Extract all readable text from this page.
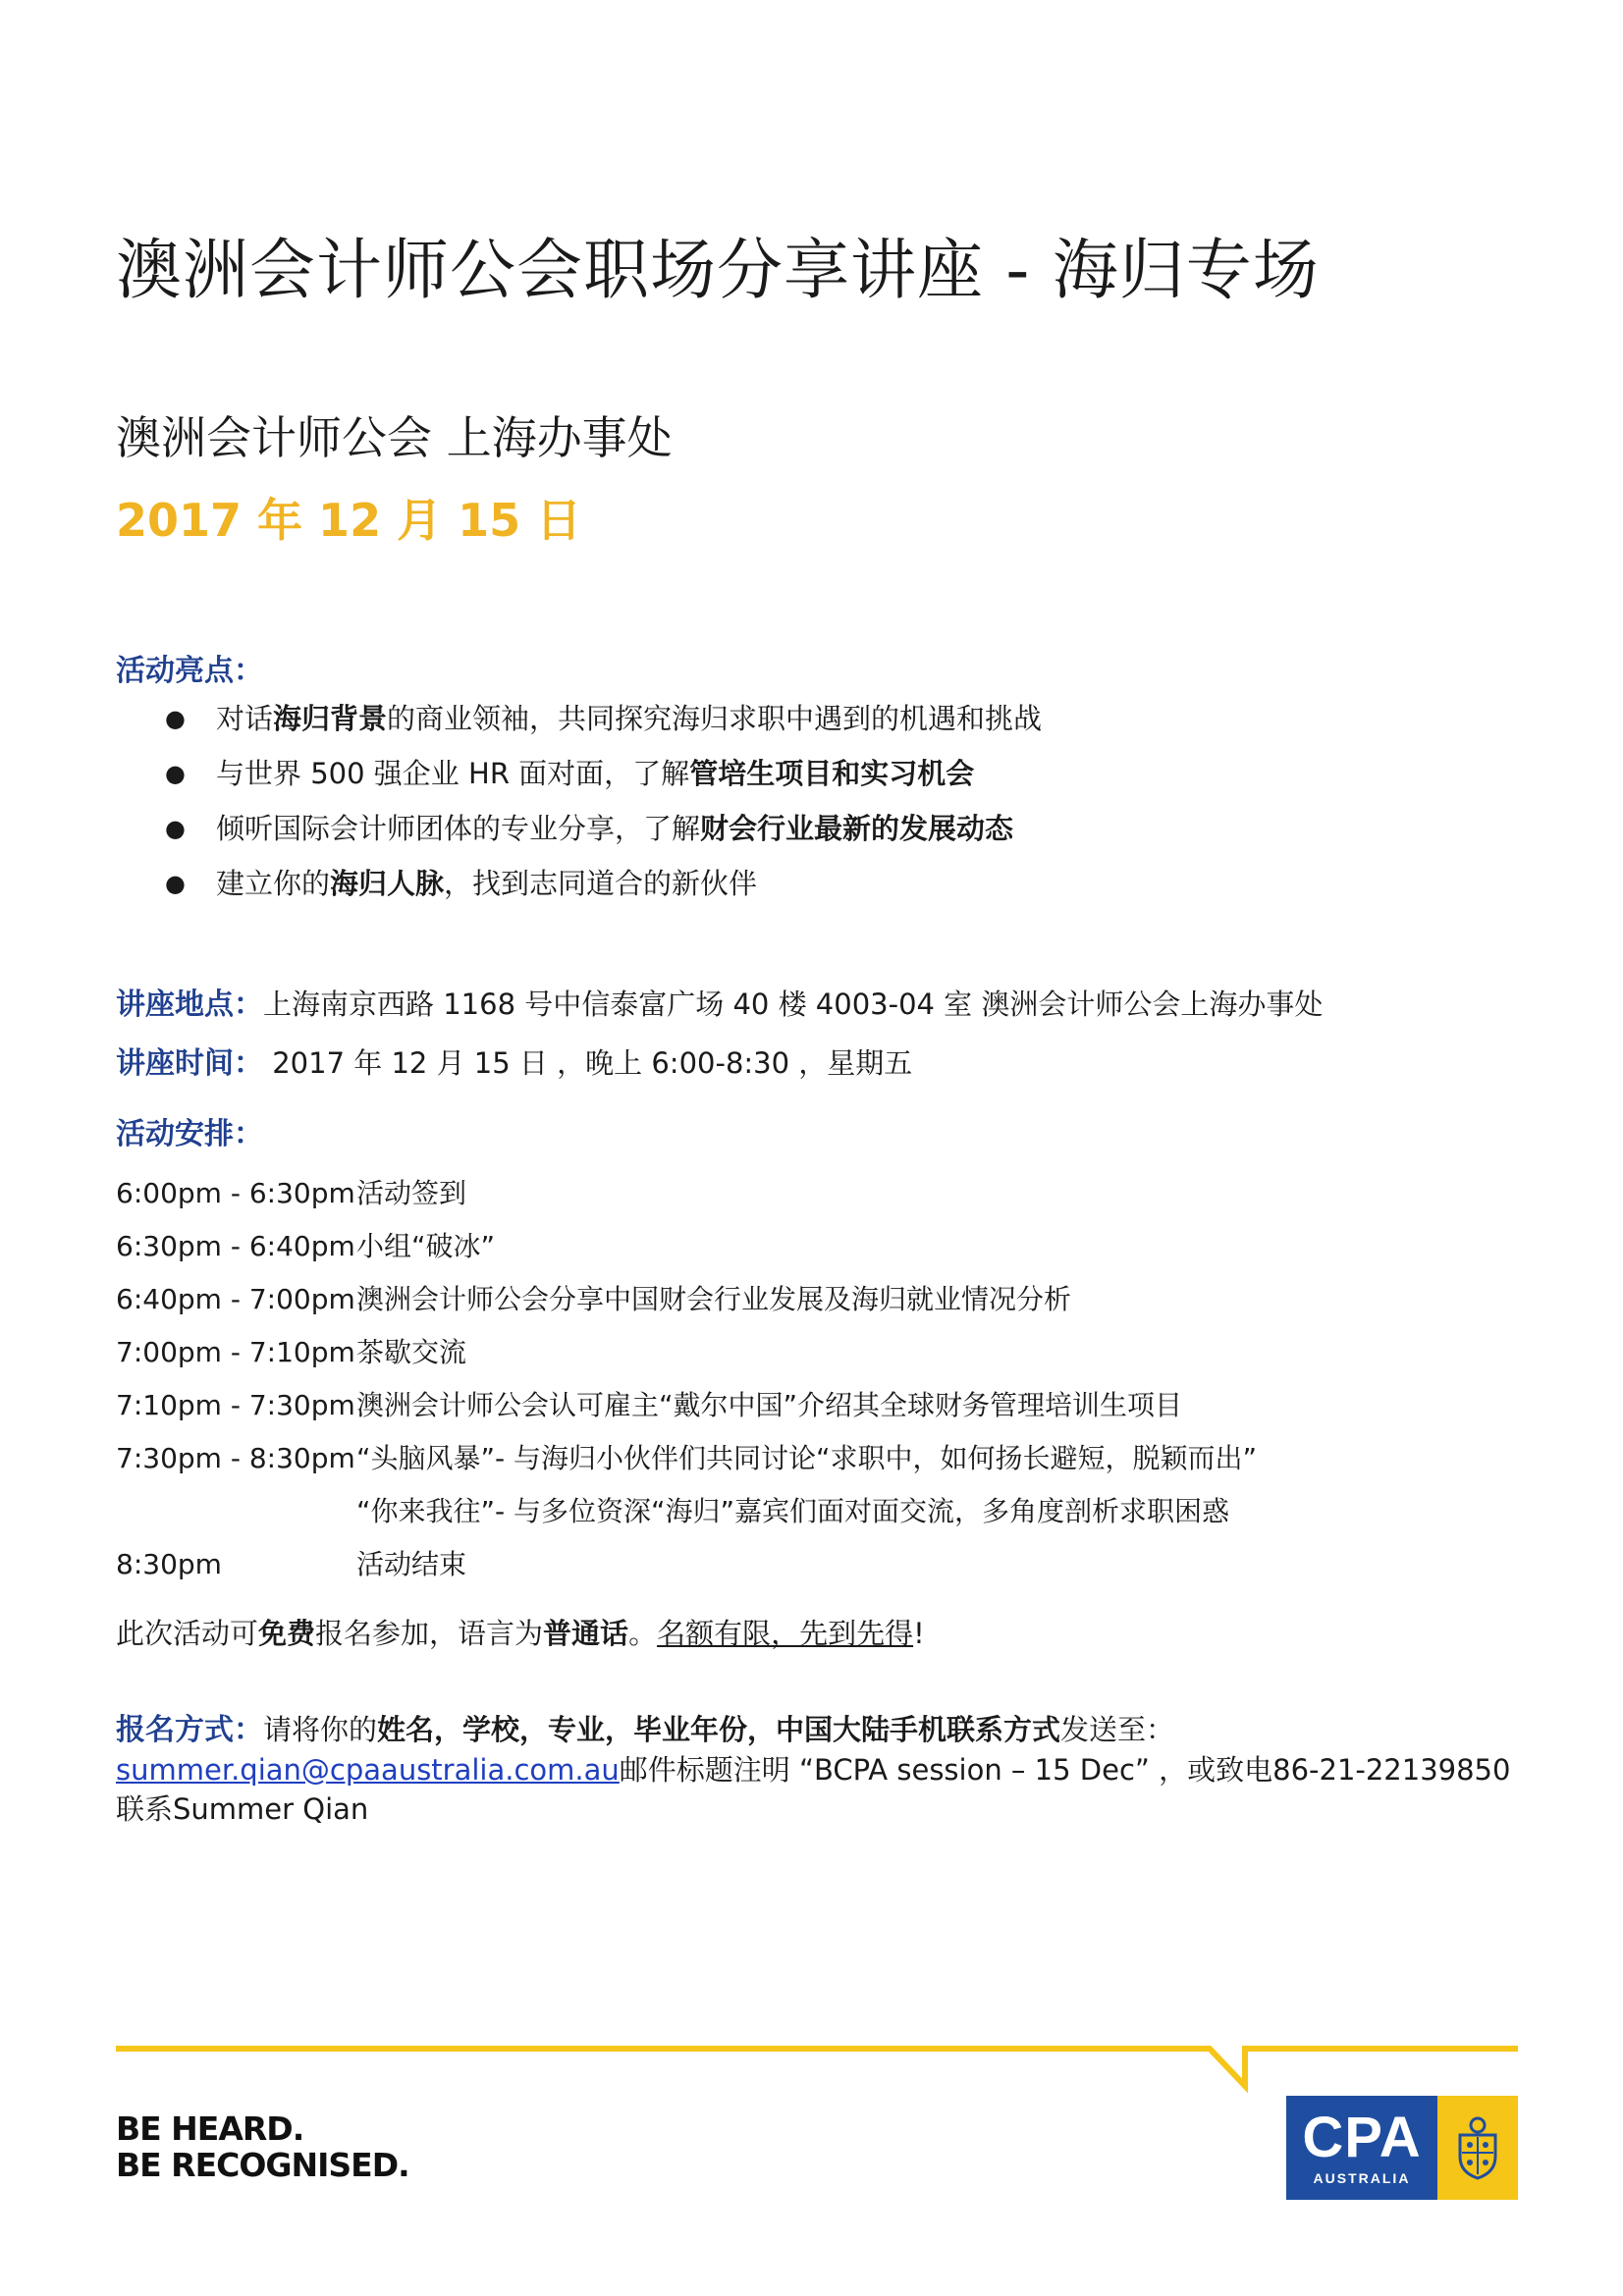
澳洲会计师公会职场分享讲座 - 海归专场
澳洲会计师公会 上海办事处
2017 年 12 月 15 日
活动亮点：
● 对话海归背景的商业领袖，共同探究海归求职中遇到的机遇和挑战
● 与世界 500 强企业 HR 面对面，了解管培生项目和实习机会
● 倾听国际会计师团体的专业分享，了解财会行业最新的发展动态
● 建立你的海归人脉，找到志同道合的新伙伴
讲座地点：上海南京西路 1168 号中信泰富广场 40 楼 4003-04 室 澳洲会计师公会上海办事处
讲座时间： 2017 年 12 月 15 日 ，晚上 6:00-8:30 ，星期五
活动安排：
6:00pm - 6:30pm 活动签到
6:30pm - 6:40pm 小组“破冰”
6:40pm - 7:00pm 澳洲会计师公会分享中国财会行业发展及海归就业情况分析
7:00pm - 7:10pm 茶歇交流
7:10pm - 7:30pm 澳洲会计师公会认可雇主“戴尔中国”介绍其全球财务管理培训生项目
7:30pm - 8:30pm “头脑风暴”- 与海归小伙伴们共同讨论“求职中，如何扬长避短，脱颖而出”
“你来我往”- 与多位资深“海归”嘉宾们面对面交流，多角度剖析求职困惑
8:30pm	活动结束
此次活动可免费报名参加，语言为普通话。名额有限，先到先得!
报名方式：请将你的姓名，学校，专业，毕业年份，中国大陆手机联系方式发送至：
summer.qian@cpaaustralia.com.au邮件标题注明 “BCPA session – 15 Dec” ，或致电86-21-22139850联系Summer Qian
BE HEARD.
BE RECOGNISED.	CPA
AUSTRALIA
